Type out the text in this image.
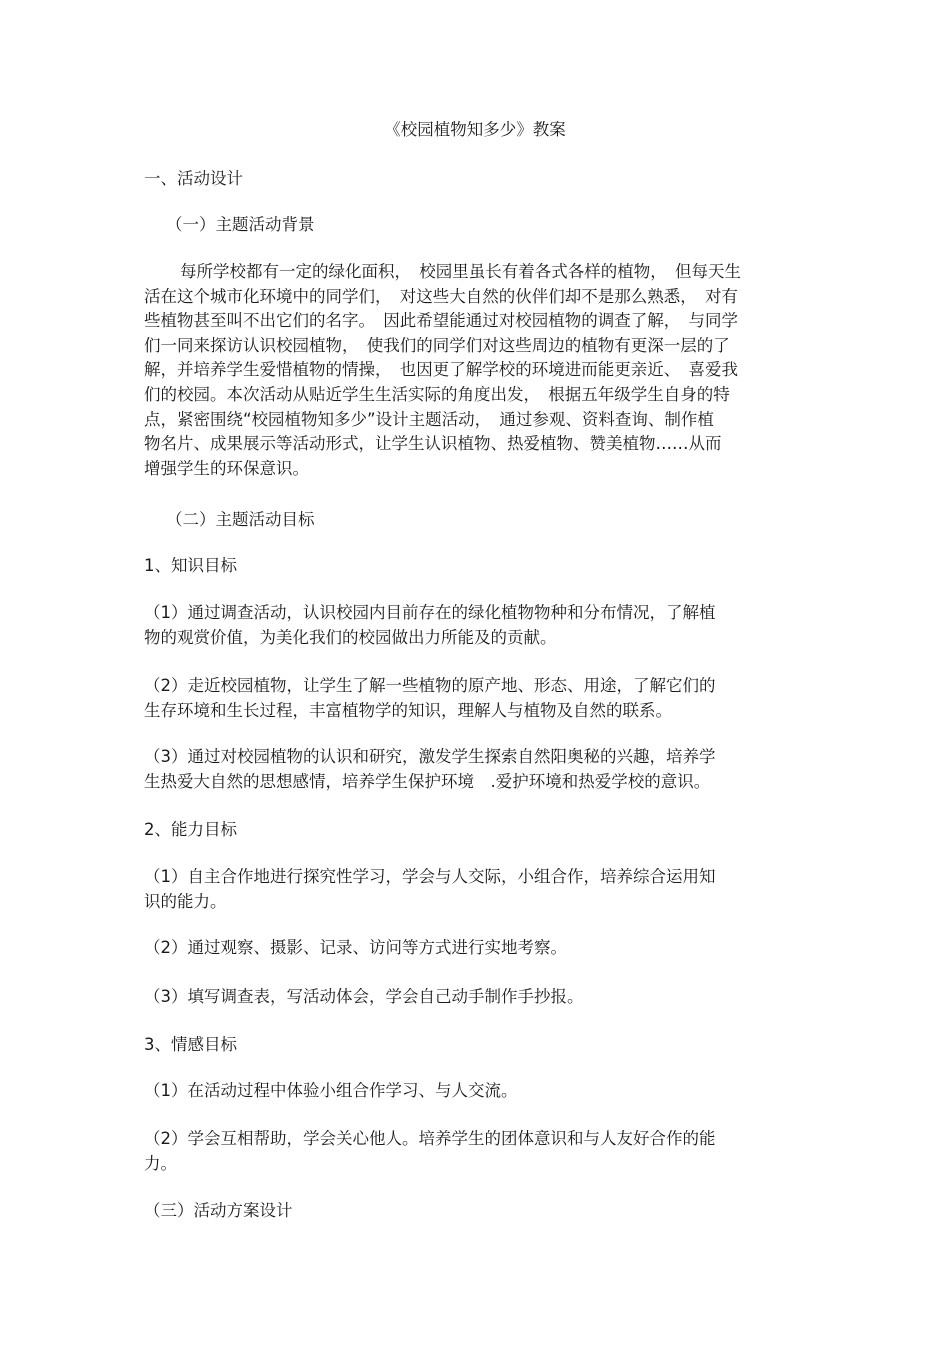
《校园植物知多少》教案
一、活动设计
（一）主题活动背景
每所学校都有一定的绿化面积，　校园里虽长有着各式各样的植物，　但每天生
活在这个城市化环境中的同学们，　对这些大自然的伙伴们却不是那么熟悉，　对有
些植物甚至叫不出它们的名字。　因此希望能通过对校园植物的调查了解，　与同学
们一同来探访认识校园植物，　使我们的同学们对这些周边的植物有更深一层的了
解，并培养学生爱惜植物的情操，　也因更了解学校的环境进而能更亲近、　喜爱我
们的校园。本次活动从贴近学生生活实际的角度出发，　根据五年级学生自身的特
点，紧密围绕“校园植物知多少”设计主题活动，　通过参观、资料查询、制作植
物名片、成果展示等活动形式，让学生认识植物、热爱植物、赞美植物……从而
增强学生的环保意识。
（二）主题活动目标
1、知识目标
（1）通过调查活动，认识校园内目前存在的绿化植物物种和分布情况，了解植
物的观赏价值，为美化我们的校园做出力所能及的贡献。
（2）走近校园植物，让学生了解一些植物的原产地、形态、用途，了解它们的
生存环境和生长过程，丰富植物学的知识，理解人与植物及自然的联系。
（3）通过对校园植物的认识和研究，激发学生探索自然阳奥秘的兴趣，培养学
生热爱大自然的思想感情，培养学生保护环境　.爱护环境和热爱学校的意识。
2、能力目标
（1）自主合作地进行探究性学习，学会与人交际，小组合作，培养综合运用知
识的能力。
（2）通过观察、摄影、记录、访问等方式进行实地考察。
（3）填写调查表，写活动体会，学会自己动手制作手抄报。
3、情感目标
（1）在活动过程中体验小组合作学习、与人交流。
（2）学会互相帮助，学会关心他人。培养学生的团体意识和与人友好合作的能
力。
（三）活动方案设计
